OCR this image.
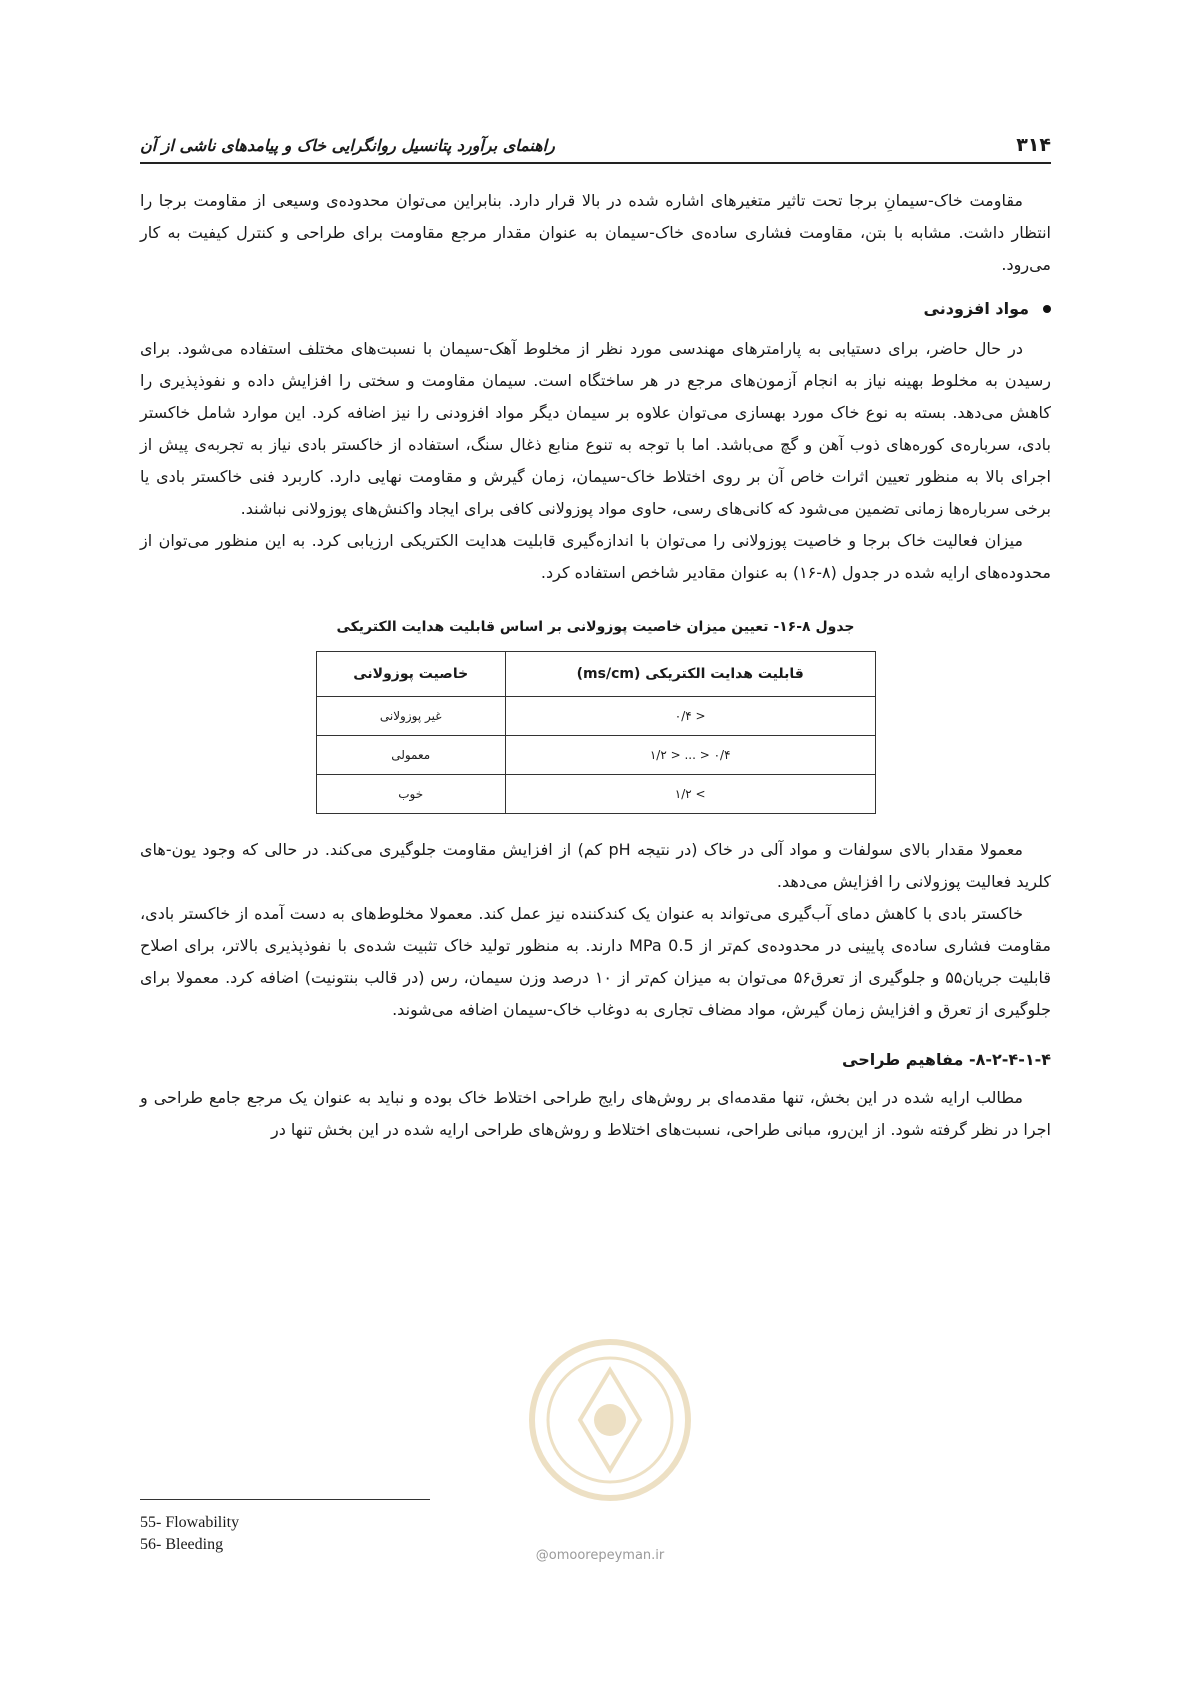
۳۱۴
راهنمای برآورد پتانسیل روانگرایی خاک و پیامدهای ناشی از آن

مقاومت خاک-سیمانِ برجا تحت تاثیر متغیرهای اشاره شده در بالا قرار دارد. بنابراین می‌توان محدوده‌ی وسیعی از مقاومت برجا را انتظار داشت. مشابه با بتن، مقاومت فشاری ساده‌ی خاک-سیمان به عنوان مقدار مرجع مقاومت برای طراحی و کنترل کیفیت به کار می‌رود.

مواد افزودنی

در حال حاضر، برای دستیابی به پارامترهای مهندسی مورد نظر از مخلوط آهک-سیمان با نسبت‌های مختلف استفاده می‌شود. برای رسیدن به مخلوط بهینه نیاز به انجام آزمون‌های مرجع در هر ساختگاه است. سیمان مقاومت و سختی را افزایش داده و نفوذپذیری را کاهش می‌دهد. بسته به نوع خاک مورد بهسازی می‌توان علاوه بر سیمان دیگر مواد افزودنی را نیز اضافه کرد. این موارد شامل خاکستر بادی، سرباره‌ی کوره‌های ذوب آهن و گچ می‌باشد. اما با توجه به تنوع منابع ذغال سنگ، استفاده از خاکستر بادی نیاز به تجربه‌ی پیش از اجرای بالا به منظور تعیین اثرات خاص آن بر روی اختلاط خاک-سیمان، زمان گیرش و مقاومت نهایی دارد. کاربرد فنی خاکستر بادی یا برخی سرباره‌ها زمانی تضمین می‌شود که کانی‌های رسی، حاوی مواد پوزولانی کافی برای ایجاد واکنش‌های پوزولانی نباشند.

میزان فعالیت خاک برجا و خاصیت پوزولانی را می‌توان با اندازه‌گیری قابلیت هدایت الکتریکی ارزیابی کرد. به این منظور می‌توان از محدوده‌های ارایه شده در جدول (۸-۱۶) به عنوان مقادیر شاخص استفاده کرد.

جدول ۸-۱۶- تعیین میزان خاصیت پوزولانی بر اساس قابلیت هدایت الکتریکی
قابلیت هدایت الکتریکی (ms/cm)	خاصیت پوزولانی
< ۰/۴	غیر پوزولانی
۰/۴ < ... < ۱/۲	معمولی
> ۱/۲	خوب

معمولا مقدار بالای سولفات و مواد آلی در خاک (در نتیجه pH کم) از افزایش مقاومت جلوگیری می‌کند. در حالی که وجود یون-های کلرید فعالیت پوزولانی را افزایش می‌دهد.

خاکستر بادی با کاهش دمای آب‌گیری می‌تواند به عنوان یک کندکننده نیز عمل کند. معمولا مخلوط‌های به دست آمده از خاکستر بادی، مقاومت فشاری ساده‌ی پایینی در محدوده‌ی کم‌تر از 0.5 MPa دارند. به منظور تولید خاک تثبیت شده‌ی با نفوذپذیری بالاتر، برای اصلاح قابلیت جریان۵۵ و جلوگیری از تعرق۵۶ می‌توان به میزان کم‌تر از ۱۰ درصد وزن سیمان، رس (در قالب بنتونیت) اضافه کرد. معمولا برای جلوگیری از تعرق و افزایش زمان گیرش، مواد مضاف تجاری به دوغاب خاک-سیمان اضافه می‌شوند.

۸-۲-۴-۱-۴- مفاهیم طراحی

مطالب ارایه شده در این بخش، تنها مقدمه‌ای بر روش‌های رایج طراحی اختلاط خاک بوده و نباید به عنوان یک مرجع جامع طراحی و اجرا در نظر گرفته شود. از این‌رو، مبانی طراحی، نسبت‌های اختلاط و روش‌های طراحی ارایه شده در این بخش تنها در

55- Flowability
56- Bleeding
@omoorepeyman.ir
